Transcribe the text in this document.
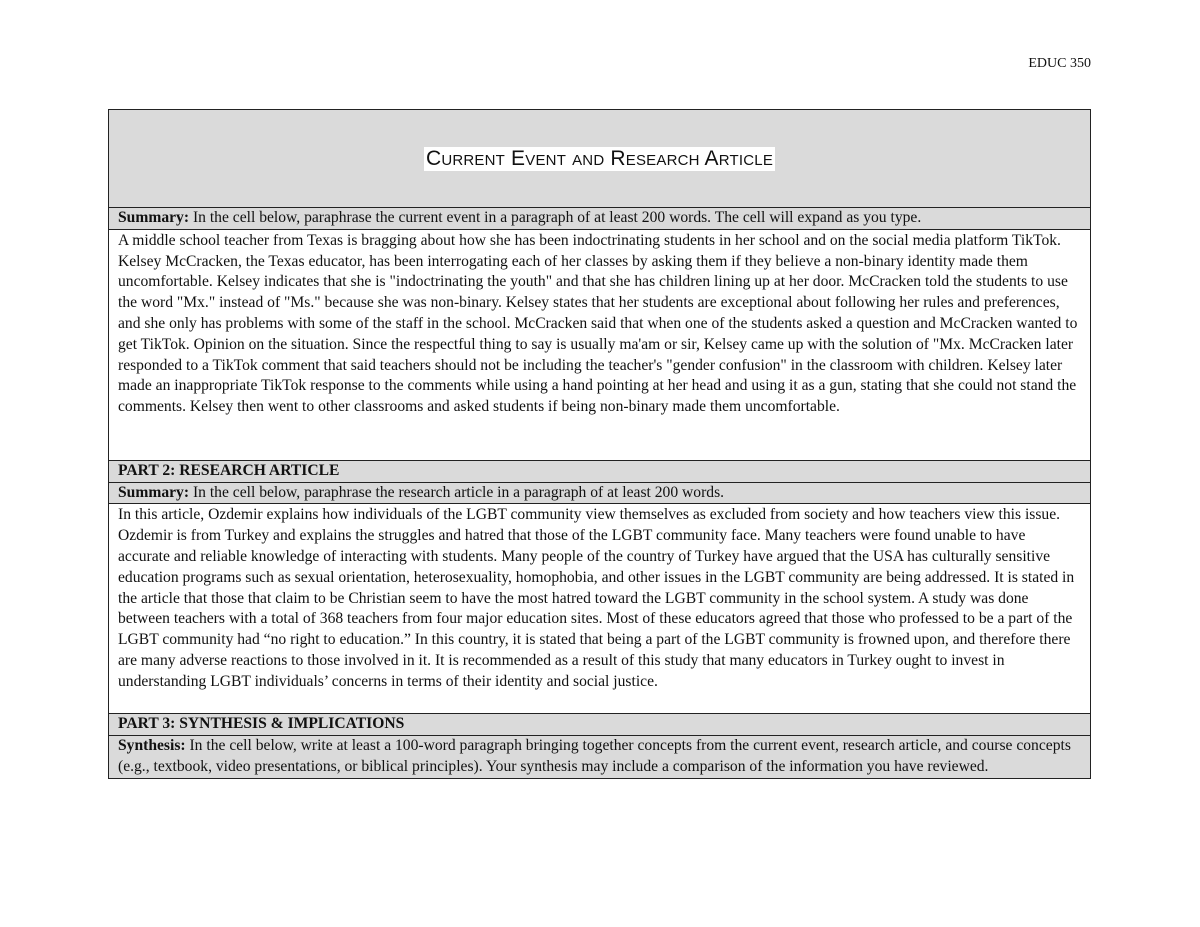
EDUC 350
Current Event and Research Article
Summary: In the cell below, paraphrase the current event in a paragraph of at least 200 words. The cell will expand as you type.
A middle school teacher from Texas is bragging about how she has been indoctrinating students in her school and on the social media platform TikTok. Kelsey McCracken, the Texas educator, has been interrogating each of her classes by asking them if they believe a non-binary identity made them uncomfortable. Kelsey indicates that she is "indoctrinating the youth" and that she has children lining up at her door. McCracken told the students to use the word "Mx." instead of "Ms." because she was non-binary. Kelsey states that her students are exceptional about following her rules and preferences, and she only has problems with some of the staff in the school. McCracken said that when one of the students asked a question and McCracken wanted to get TikTok. Opinion on the situation. Since the respectful thing to say is usually ma'am or sir, Kelsey came up with the solution of "Mx. McCracken later responded to a TikTok comment that said teachers should not be including the teacher's "gender confusion" in the classroom with children. Kelsey later made an inappropriate TikTok response to the comments while using a hand pointing at her head and using it as a gun, stating that she could not stand the comments. Kelsey then went to other classrooms and asked students if being non-binary made them uncomfortable.
PART 2: RESEARCH ARTICLE
Summary: In the cell below, paraphrase the research article in a paragraph of at least 200 words.
In this article, Ozdemir explains how individuals of the LGBT community view themselves as excluded from society and how teachers view this issue. Ozdemir is from Turkey and explains the struggles and hatred that those of the LGBT community face. Many teachers were found unable to have accurate and reliable knowledge of interacting with students. Many people of the country of Turkey have argued that the USA has culturally sensitive education programs such as sexual orientation, heterosexuality, homophobia, and other issues in the LGBT community are being addressed. It is stated in the article that those that claim to be Christian seem to have the most hatred toward the LGBT community in the school system. A study was done between teachers with a total of 368 teachers from four major education sites. Most of these educators agreed that those who professed to be a part of the LGBT community had “no right to education.” In this country, it is stated that being a part of the LGBT community is frowned upon, and therefore there are many adverse reactions to those involved in it. It is recommended as a result of this study that many educators in Turkey ought to invest in understanding LGBT individuals’ concerns in terms of their identity and social justice.
PART 3: SYNTHESIS & IMPLICATIONS
Synthesis: In the cell below, write at least a 100-word paragraph bringing together concepts from the current event, research article, and course concepts (e.g., textbook, video presentations, or biblical principles). Your synthesis may include a comparison of the information you have reviewed.
